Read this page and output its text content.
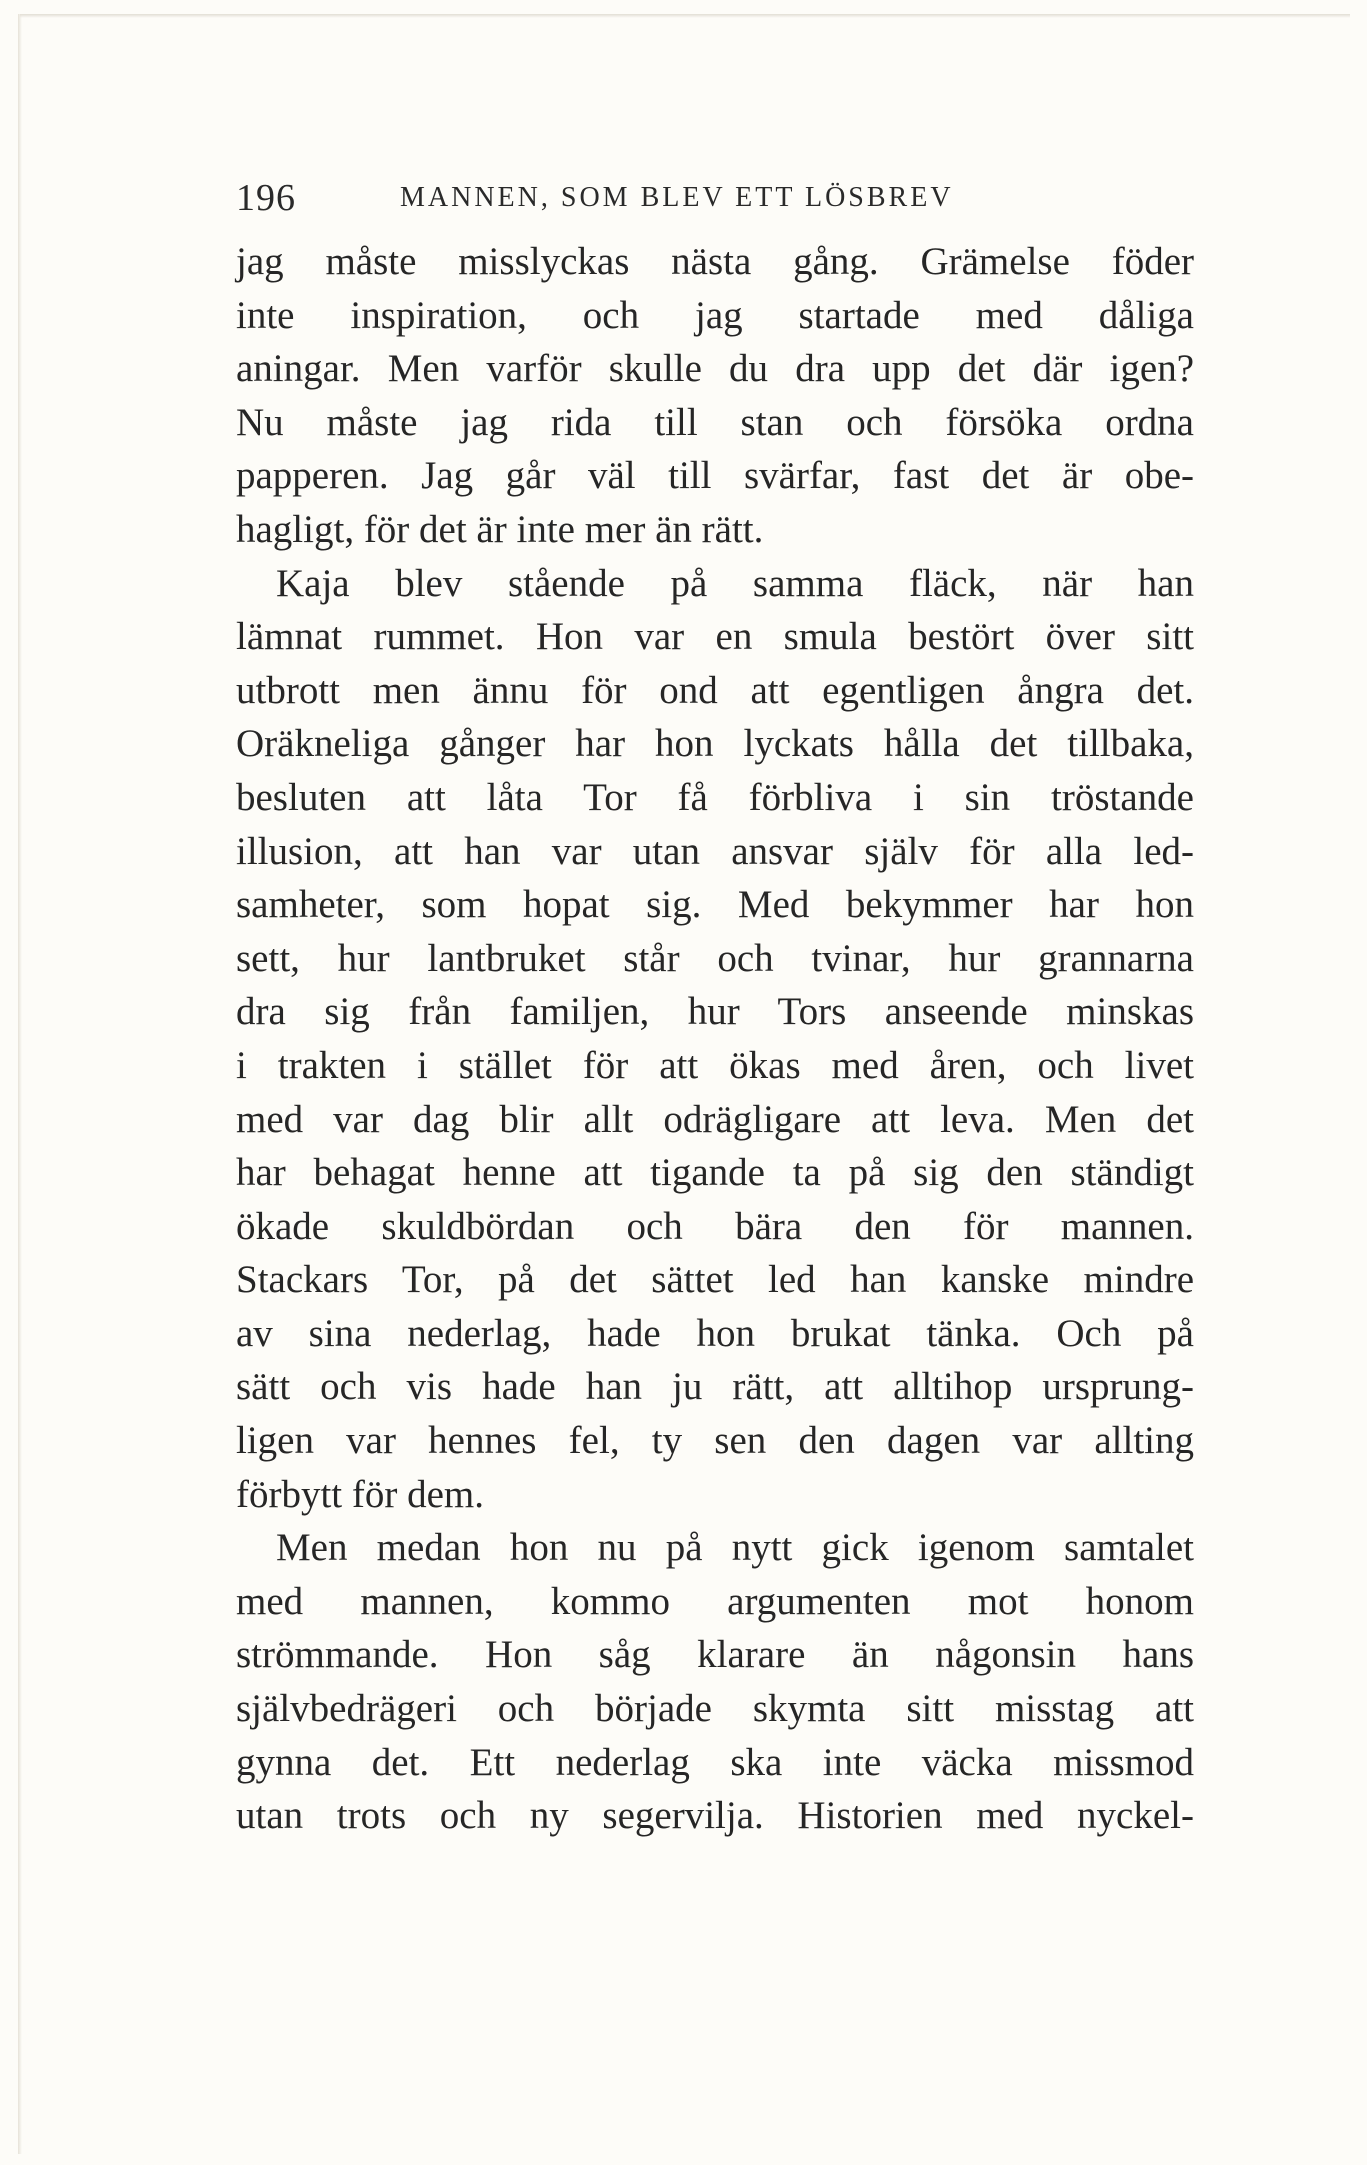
196	MANNEN, SOM BLEV ETT LÖSBREV
jag måste misslyckas nästa gång. Grämelse föder
inte inspiration, och jag startade med dåliga
aningar. Men varför skulle du dra upp det där igen?
Nu måste jag rida till stan och försöka ordna
papperen. Jag går väl till svärfar, fast det är obe-
hagligt, för det är inte mer än rätt.
Kaja blev stående på samma fläck, när han
lämnat rummet. Hon var en smula bestört över sitt
utbrott men ännu för ond att egentligen ångra det.
Oräkneliga gånger har hon lyckats hålla det tillbaka,
besluten att låta Tor få förbliva i sin tröstande
illusion, att han var utan ansvar själv för alla led-
samheter, som hopat sig. Med bekymmer har hon
sett, hur lantbruket står och tvinar, hur grannarna
dra sig från familjen, hur Tors anseende minskas
i trakten i stället för att ökas med åren, och livet
med var dag blir allt odrägligare att leva. Men det
har behagat henne att tigande ta på sig den ständigt
ökade skuldbördan och bära den för mannen.
Stackars Tor, på det sättet led han kanske mindre
av sina nederlag, hade hon brukat tänka. Och på
sätt och vis hade han ju rätt, att alltihop ursprung-
ligen var hennes fel, ty sen den dagen var allting
förbytt för dem.
Men medan hon nu på nytt gick igenom samtalet
med mannen, kommo argumenten mot honom
strömmande. Hon såg klarare än någonsin hans
självbedrägeri och började skymta sitt misstag att
gynna det. Ett nederlag ska inte väcka missmod
utan trots och ny segervilja. Historien med nyckel-
